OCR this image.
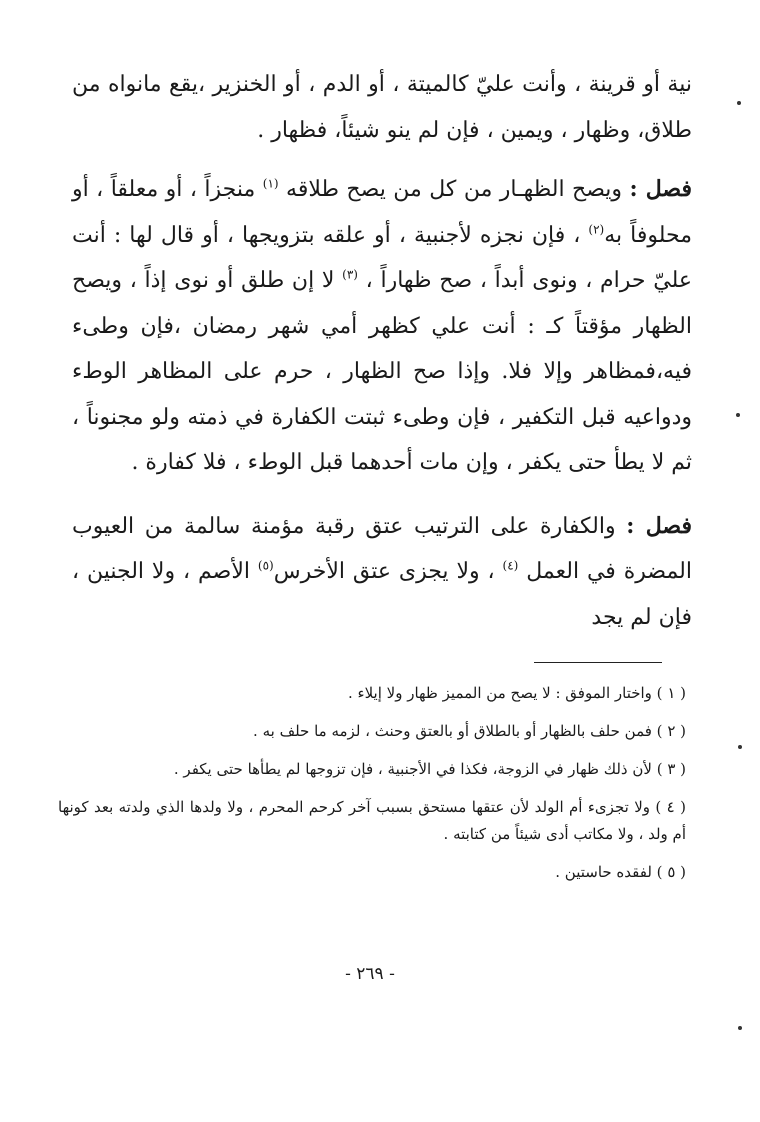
نية أو قرينة ، وأنت عليّ كالميتة ، أو الدم ، أو الخنزير ،يقع مانواه من طلاق، وظهار ، ويمين ، فإن لم ينو شيئاً، فظهار .

فصل : ويصح الظهـار من كل من يصح طلاقه $^{(١)}$ منجزاً ، أو معلقاً ، أو محلوفاً به$^{(٢)}$ ، فإن نجزه لأجنبية ، أو علقه بتزويجها ، أو قال لها : أنت عليّ حرام ، ونوى أبداً ، صح ظهاراً ، $^{(٣)}$ لا إن طلق أو نوى إذاً ، ويصح الظهار مؤقتاً كـ : أنت علي كظهر أمي شهر رمضان ،فإن وطىء فيه،فمظاهر وإلا فلا. وإذا صح الظهار ، حرم على المظاهر الوطء ودواعيه قبل التكفير ، فإن وطىء ثبتت الكفارة في ذمته ولو مجنوناً ، ثم لا يطأ حتى يكفر ، وإن مات أحدهما قبل الوطء ، فلا كفارة .

فصل : والكفارة على الترتيب عتق رقبة مؤمنة سالمة من العيوب المضرة في العمل $^{(٤)}$ ، ولا يجزى عتق الأخرس$^{(٥)}$ الأصم ، ولا الجنين ، فإن لم يجد

( ١ ) واختار الموفق : لا يصح من المميز ظهار ولا إيلاء .

( ٢ ) فمن حلف بالظهار أو بالطلاق أو بالعتق وحنث ، لزمه ما حلف به .

( ٣ ) لأن ذلك ظهار في الزوجة، فكذا في الأجنبية ، فإن تزوجها لم يطأها حتى يكفر .

( ٤ ) ولا تجزىء أم الولد لأن عتقها مستحق بسبب آخر كرحم المحرم ، ولا ولدها الذي ولدته بعد كونها أم ولد ، ولا مكاتب أدى شيئاً من كتابته .

( ٥ ) لفقده حاستين .

- ٢٦٩ -
